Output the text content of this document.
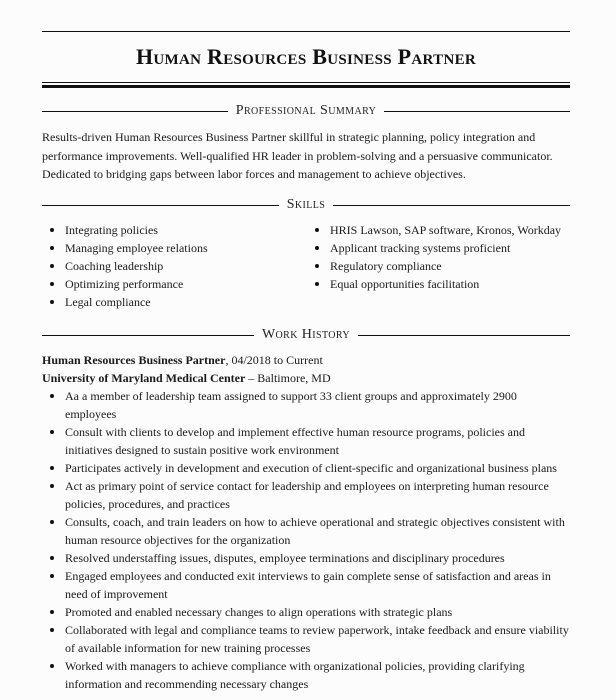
Human Resources Business Partner
Professional Summary
Results-driven Human Resources Business Partner skillful in strategic planning, policy integration and performance improvements. Well-qualified HR leader in problem-solving and a persuasive communicator. Dedicated to bridging gaps between labor forces and management to achieve objectives.
Skills
Integrating policies
Managing employee relations
Coaching leadership
Optimizing performance
Legal compliance
HRIS Lawson, SAP software, Kronos, Workday
Applicant tracking systems proficient
Regulatory compliance
Equal opportunities facilitation
Work History
Human Resources Business Partner, 04/2018 to Current
University of Maryland Medical Center – Baltimore, MD
Aa a member of leadership team assigned to support 33 client groups and approximately 2900 employees
Consult with clients to develop and implement effective human resource programs, policies and initiatives designed to sustain positive work environment
Participates actively in development and execution of client-specific and organizational business plans
Act as primary point of service contact for leadership and employees on interpreting human resource policies, procedures, and practices
Consults, coach, and train leaders on how to achieve operational and strategic objectives consistent with human resource objectives for the organization
Resolved understaffing issues, disputes, employee terminations and disciplinary procedures
Engaged employees and conducted exit interviews to gain complete sense of satisfaction and areas in need of improvement
Promoted and enabled necessary changes to align operations with strategic plans
Collaborated with legal and compliance teams to review paperwork, intake feedback and ensure viability of available information for new training processes
Worked with managers to achieve compliance with organizational policies, providing clarifying information and recommending necessary changes
